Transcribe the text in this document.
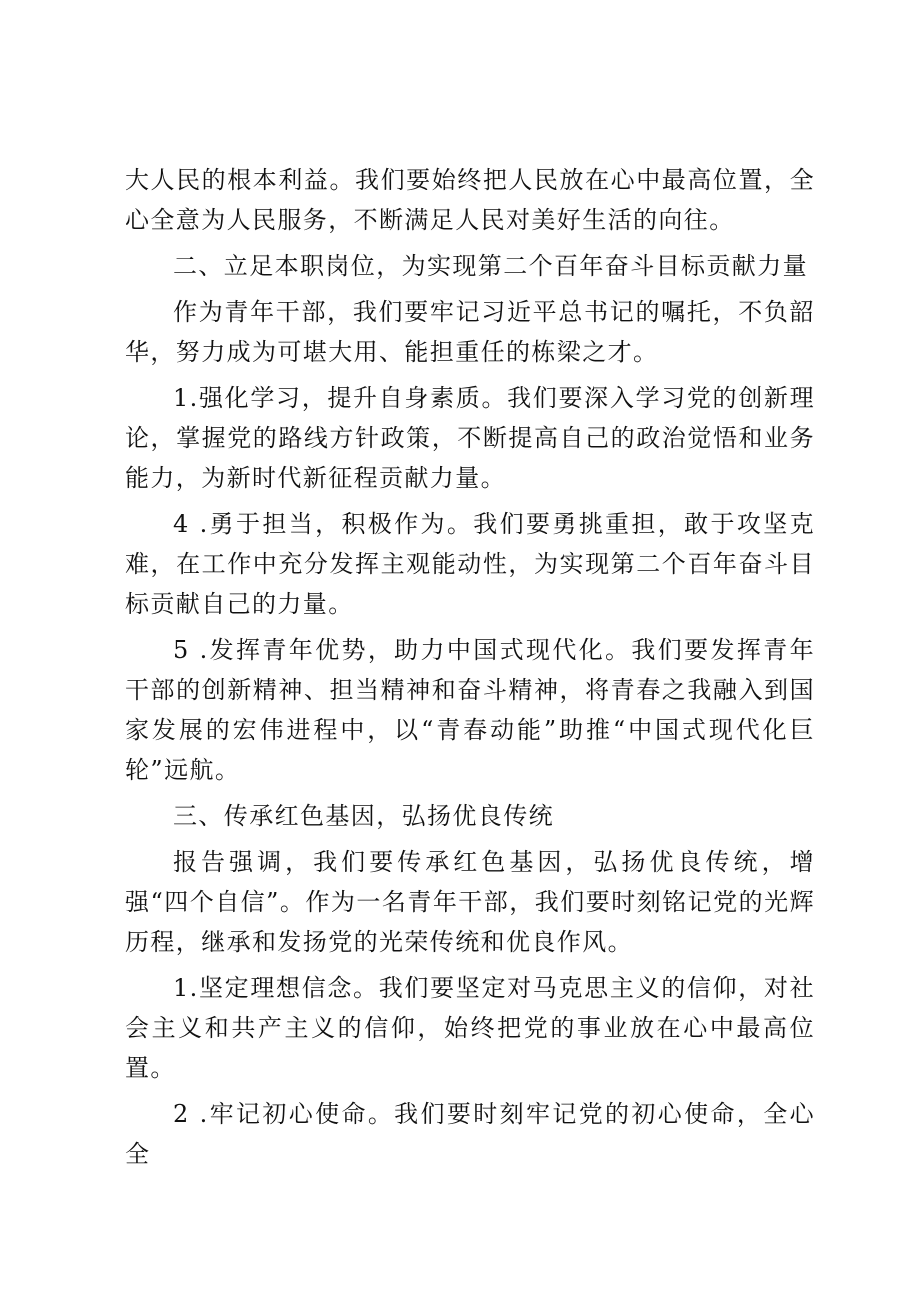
大人民的根本利益。我们要始终把人民放在心中最高位置，全心全意为人民服务，不断满足人民对美好生活的向往。

二、立足本职岗位，为实现第二个百年奋斗目标贡献力量

作为青年干部，我们要牢记习近平总书记的嘱托，不负韶华，努力成为可堪大用、能担重任的栋梁之才。

1.强化学习，提升自身素质。我们要深入学习党的创新理论，掌握党的路线方针政策，不断提高自己的政治觉悟和业务能力，为新时代新征程贡献力量。

4 .勇于担当，积极作为。我们要勇挑重担，敢于攻坚克难，在工作中充分发挥主观能动性，为实现第二个百年奋斗目标贡献自己的力量。

5 .发挥青年优势，助力中国式现代化。我们要发挥青年干部的创新精神、担当精神和奋斗精神，将青春之我融入到国家发展的宏伟进程中，以“青春动能”助推“中国式现代化巨轮”远航。

三、传承红色基因，弘扬优良传统

报告强调，我们要传承红色基因，弘扬优良传统，增强“四个自信”。作为一名青年干部，我们要时刻铭记党的光辉历程，继承和发扬党的光荣传统和优良作风。

1.坚定理想信念。我们要坚定对马克思主义的信仰，对社会主义和共产主义的信仰，始终把党的事业放在心中最高位置。

2 .牢记初心使命。我们要时刻牢记党的初心使命，全心全
